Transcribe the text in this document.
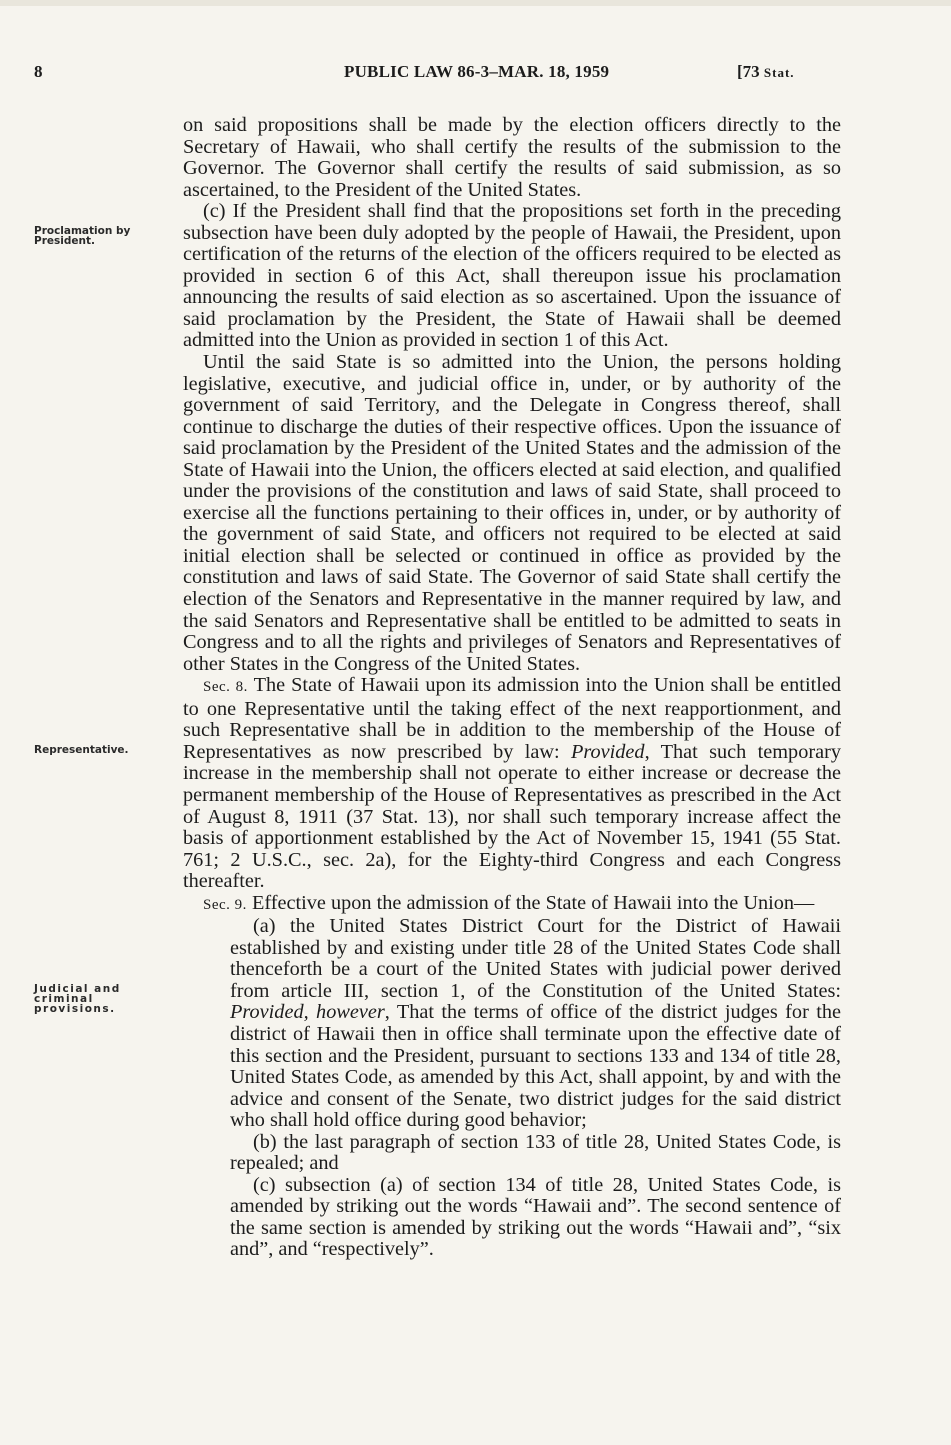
8	PUBLIC LAW 86-3–MAR. 18, 1959	[73 Stat.
Proclamation by President.
Representative.
Judicial and criminal provisions.

on said propositions shall be made by the election officers directly to the Secretary of Hawaii, who shall certify the results of the submission to the Governor. The Governor shall certify the results of said submission, as so ascertained, to the President of the United States.

(c) If the President shall find that the propositions set forth in the preceding subsection have been duly adopted by the people of Hawaii, the President, upon certification of the returns of the election of the officers required to be elected as provided in section 6 of this Act, shall thereupon issue his proclamation announcing the results of said election as so ascertained. Upon the issuance of said proclamation by the President, the State of Hawaii shall be deemed admitted into the Union as provided in section 1 of this Act.

Until the said State is so admitted into the Union, the persons holding legislative, executive, and judicial office in, under, or by authority of the government of said Territory, and the Delegate in Congress thereof, shall continue to discharge the duties of their respective offices. Upon the issuance of said proclamation by the President of the United States and the admission of the State of Hawaii into the Union, the officers elected at said election, and qualified under the provisions of the constitution and laws of said State, shall proceed to exercise all the functions pertaining to their offices in, under, or by authority of the government of said State, and officers not required to be elected at said initial election shall be selected or continued in office as provided by the constitution and laws of said State. The Governor of said State shall certify the election of the Senators and Representative in the manner required by law, and the said Senators and Representative shall be entitled to be admitted to seats in Congress and to all the rights and privileges of Senators and Representatives of other States in the Congress of the United States.

Sec. 8. The State of Hawaii upon its admission into the Union shall be entitled to one Representative until the taking effect of the next reapportionment, and such Representative shall be in addition to the membership of the House of Representatives as now prescribed by law: Provided, That such temporary increase in the membership shall not operate to either increase or decrease the permanent membership of the House of Representatives as prescribed in the Act of August 8, 1911 (37 Stat. 13), nor shall such temporary increase affect the basis of apportionment established by the Act of November 15, 1941 (55 Stat. 761; 2 U.S.C., sec. 2a), for the Eighty-third Congress and each Congress thereafter.

Sec. 9. Effective upon the admission of the State of Hawaii into the Union—

(a) the United States District Court for the District of Hawaii established by and existing under title 28 of the United States Code shall thenceforth be a court of the United States with judicial power derived from article III, section 1, of the Constitution of the United States: Provided, however, That the terms of office of the district judges for the district of Hawaii then in office shall terminate upon the effective date of this section and the President, pursuant to sections 133 and 134 of title 28, United States Code, as amended by this Act, shall appoint, by and with the advice and consent of the Senate, two district judges for the said district who shall hold office during good behavior;

(b) the last paragraph of section 133 of title 28, United States Code, is repealed; and

(c) subsection (a) of section 134 of title 28, United States Code, is amended by striking out the words “Hawaii and”. The second sentence of the same section is amended by striking out the words “Hawaii and”, “six and”, and “respectively”.
